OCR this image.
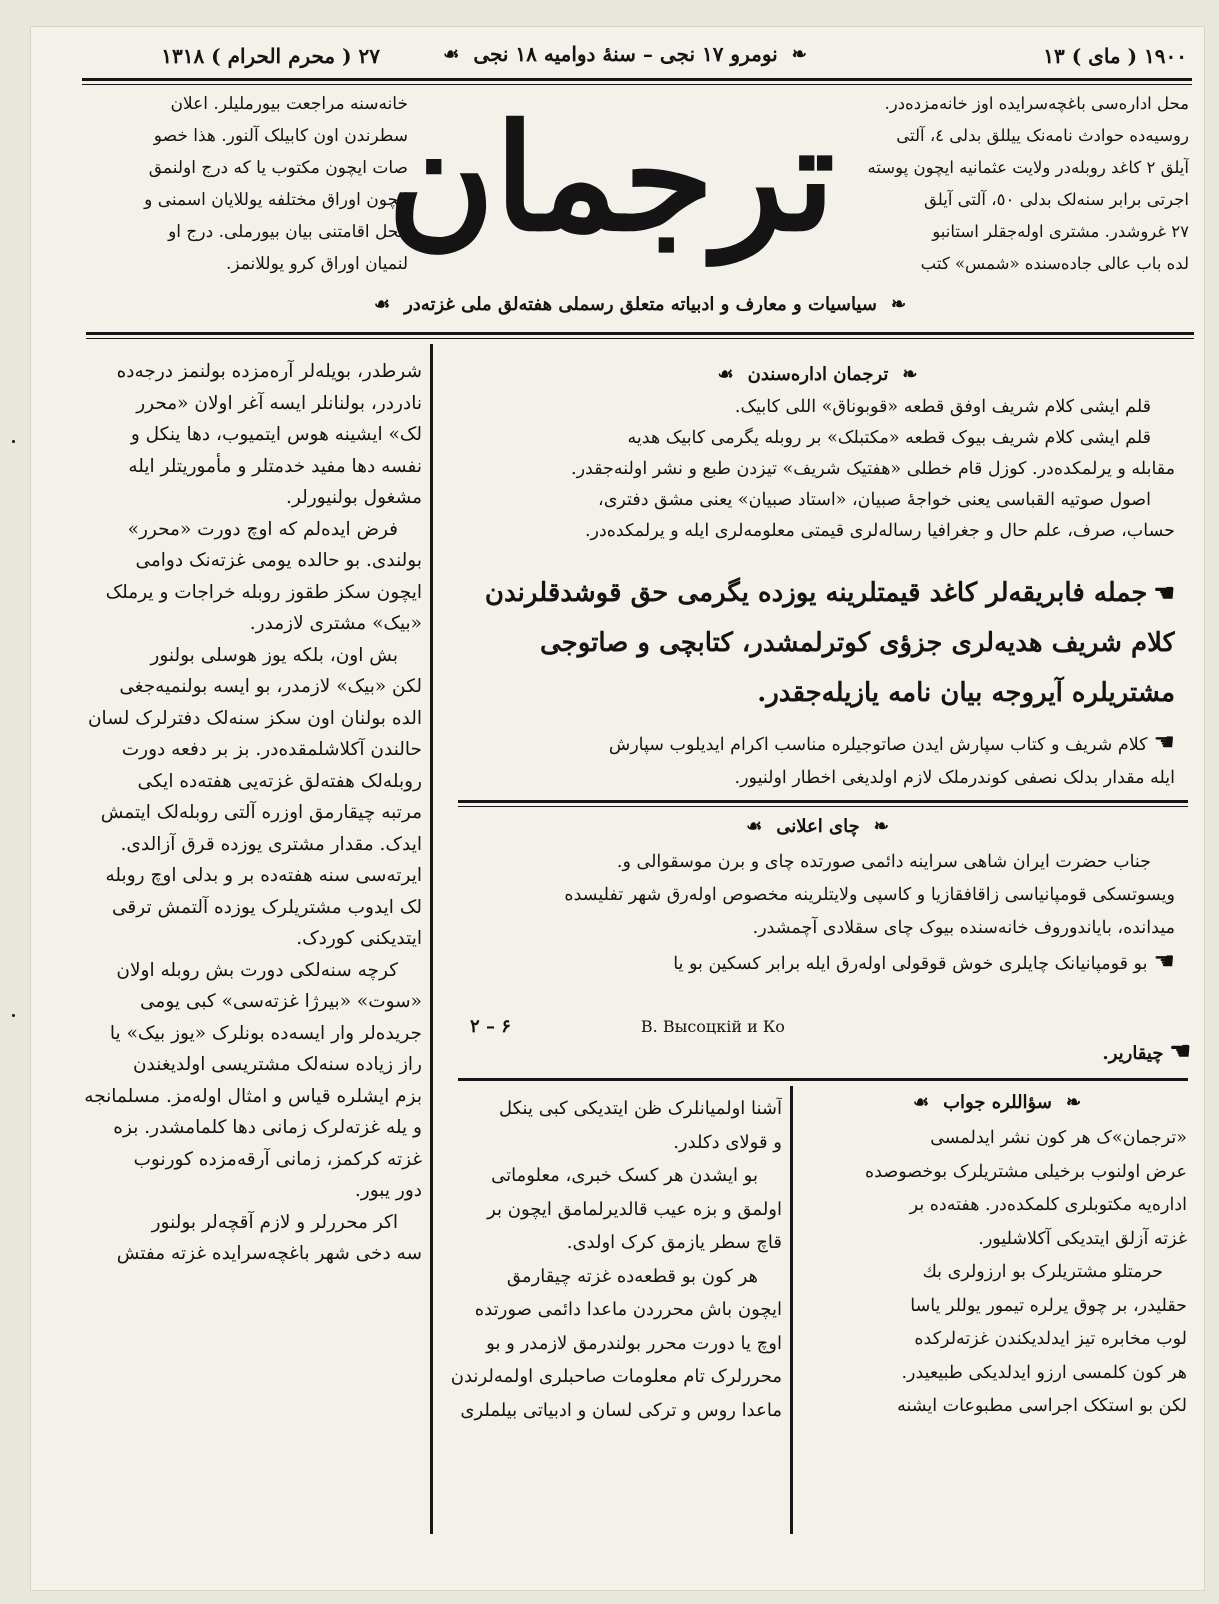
۱۹۰۰ ( مای ) ۱۳
❧
نومرو ۱۷ نجی – سنهٔ دوامیه ۱۸ نجی
☙
۲۷ ( محرم الحرام ) ۱۳۱۸
خانه‌سنه مراجعت بیورملیلر. اعلان
سطرندن اون کابیلک آلنور. هذا خصو
صات ایچون مکتوب یا که درج اولنمق
ایچون اوراق مختلفه یوللایان اسمنی و
محل اقامتنی بیان بیورملی. درج او
لنمیان اوراق کرو یوللانمز.
محل اداره‌سی باغچه‌سرایده اوز خانه‌مزده‌در.
روسیه‌ده حوادث نامه‌نک ییللق بدلی ٤، آلتی
آیلق ۲ کاغد روبله‌در ولایت عثمانیه ایچون پوسته
اجرتی برابر سنه‌لک بدلی ٥٠، آلتی آیلق
۲۷ غروشدر. مشتری اوله‌جقلر استانبو
لده باب عالی جاده‌سنده «شمس» کتب
ترجمان
❧
سیاسیات و معارف و ادبیاته متعلق رسملی هفته‌لق ملی غزته‌در
☙
❧
ترجمان اداره‌سندن
☙
قلم ایشی کلام شریف اوفق قطعه «قوبوناق» اللی کابیک.
قلم ایشی کلام شریف بیوک قطعه «مکتبلک» بر روبله یگرمی کابیک هدیه
مقابله و یرلمکده‌در. کوزل قام خطلی «هفتیک شریف» تیزدن طبع و نشر اولنه‌جقدر.
اصول صوتیه القباسی یعنی خواجهٔ صبیان، «استاد صبیان» یعنی مشق دفتری،
حساب، صرف، علم حال و جغرافیا رساله‌لری قیمتی معلومه‌لری ایله و یرلمکده‌در.
☚جمله فابریقه‌لر کاغد قیمتلرینه یوزده یگرمی حق قوشدقلرندن
کلام شریف هدیه‌لری جزؤی کوترلمشدر، کتابچی و صاتوجی
مشتریلره آیروجه بیان نامه یازیله‌جقدر.
☚کلام شریف و کتاب سپارش ایدن صاتوجیلره مناسب اکرام ایدیلوب سپارش
ایله مقدار بدلک نصفی کوندرملک لازم اولدیغی اخطار اولنیور.
❧
چای اعلانی
☙
جناب حضرت ایران شاهی سراینه دائمی صورتده چای و برن موسقوالی و.
ویسوتسکی قومپانیاسی زاقافقازیا و کاسپی ولایتلرینه مخصوص اوله‌رق شهر تفلیسده
میدانده، بایاندوروف خانه‌سنده بیوک چای سقلادی آچمشدر.
☚بو قومپانیانک چایلری خوش قوقولی اوله‌رق ایله برابر کسکین بو یا
۶ – ۲	В. Высоцкiй и Ко
☚چیقاریر.
شرطدر، بویله‌لر آره‌مزده بولنمز درجه‌ده
نادردر، بولنانلر ایسه آغر اولان «محرر
لک» ایشینه هوس ایتمیوب، دها ینکل و
نفسه دها مفید خدمتلر و مأموریتلر ایله
مشغول بولنیورلر.
فرض ایده‌لم که اوچ دورت «محرر»
بولندی. بو حالده یومی غزته‌نک دوامی
ایچون سکز طقوز روبله خراجات و یرملک
«بیک» مشتری لازمدر.
بش اون، بلکه یوز هوسلی بولنور
لکن «بیک» لازمدر، بو ایسه بولنمیه‌جغی
الده بولنان اون سکز سنه‌لک دفترلرک لسان
حالندن آکلاشلمقده‌در. بز بر دفعه دورت
روبله‌لک هفته‌لق غزته‌یی هفته‌ده ایکی
مرتبه چیقارمق اوزره آلتی روبله‌لک ایتمش
ایدک. مقدار مشتری یوزده قرق آزالدی.
ایرته‌سی سنه هفته‌ده بر و بدلی اوچ روبله
لک ایدوب مشتریلرک یوزده آلتمش ترقی
ایتدیکنی کوردک.
کرچه سنه‌لکی دورت بش روبله اولان
«سوت» «بیرژا غزته‌سی» کبی یومی
جریده‌لر وار ایسه‌ده بونلرک «یوز بیک» یا
راز زیاده سنه‌لک مشتریسی اولدیغندن
بزم ایشلره قیاس و امثال اوله‌مز. مسلمانجه
و یله غزته‌لرک زمانی دها کلمامشدر. بزه
غزته کرکمز، زمانی آرقه‌مزده کورنوب
دور یبور.
اکر محررلر و لازم آقچه‌لر بولنور
سه دخی شهر باغچه‌سرایده غزته مفتش
❧
سؤاللره جواب
☙
«ترجمان»ک هر کون نشر ایدلمسی
عرض اولنوب برخیلی مشتریلرک بوخصوصده
اداره‌یه مکتوبلری کلمکده‌در. هفته‌ده بر
غزته آزلق ایتدیکی آکلاشلیور.
حرمتلو مشتریلرک بو ارزولری بك
حقلیدر، بر چوق یرلره تیمور یوللر یاسا
لوب مخابره تیز ایدلدیکندن غزته‌لرکده
هر کون کلمسی ارزو ایدلدیکی طبیعیدر.
لکن بو استکک اجراسی مطبوعات ایشنه
آشنا اولمیانلرک ظن ایتدیکی کبی ینکل
و قولای دکلدر.
بو ایشدن هر کسک خبری، معلوماتی
اولمق و بزه عیب قالدیرلمامق ایچون بر
قاچ سطر یازمق کرک اولدی.
هر کون بو قطعه‌ده غزته چیقارمق
ایچون باش محرردن ماعدا دائمی صورتده
اوچ یا دورت محرر بولندرمق لازمدر و بو
محررلرک تام معلومات صاحبلری اولمه‌لرندن
ماعدا روس و ترکی لسان و ادبیاتی بیلملری
